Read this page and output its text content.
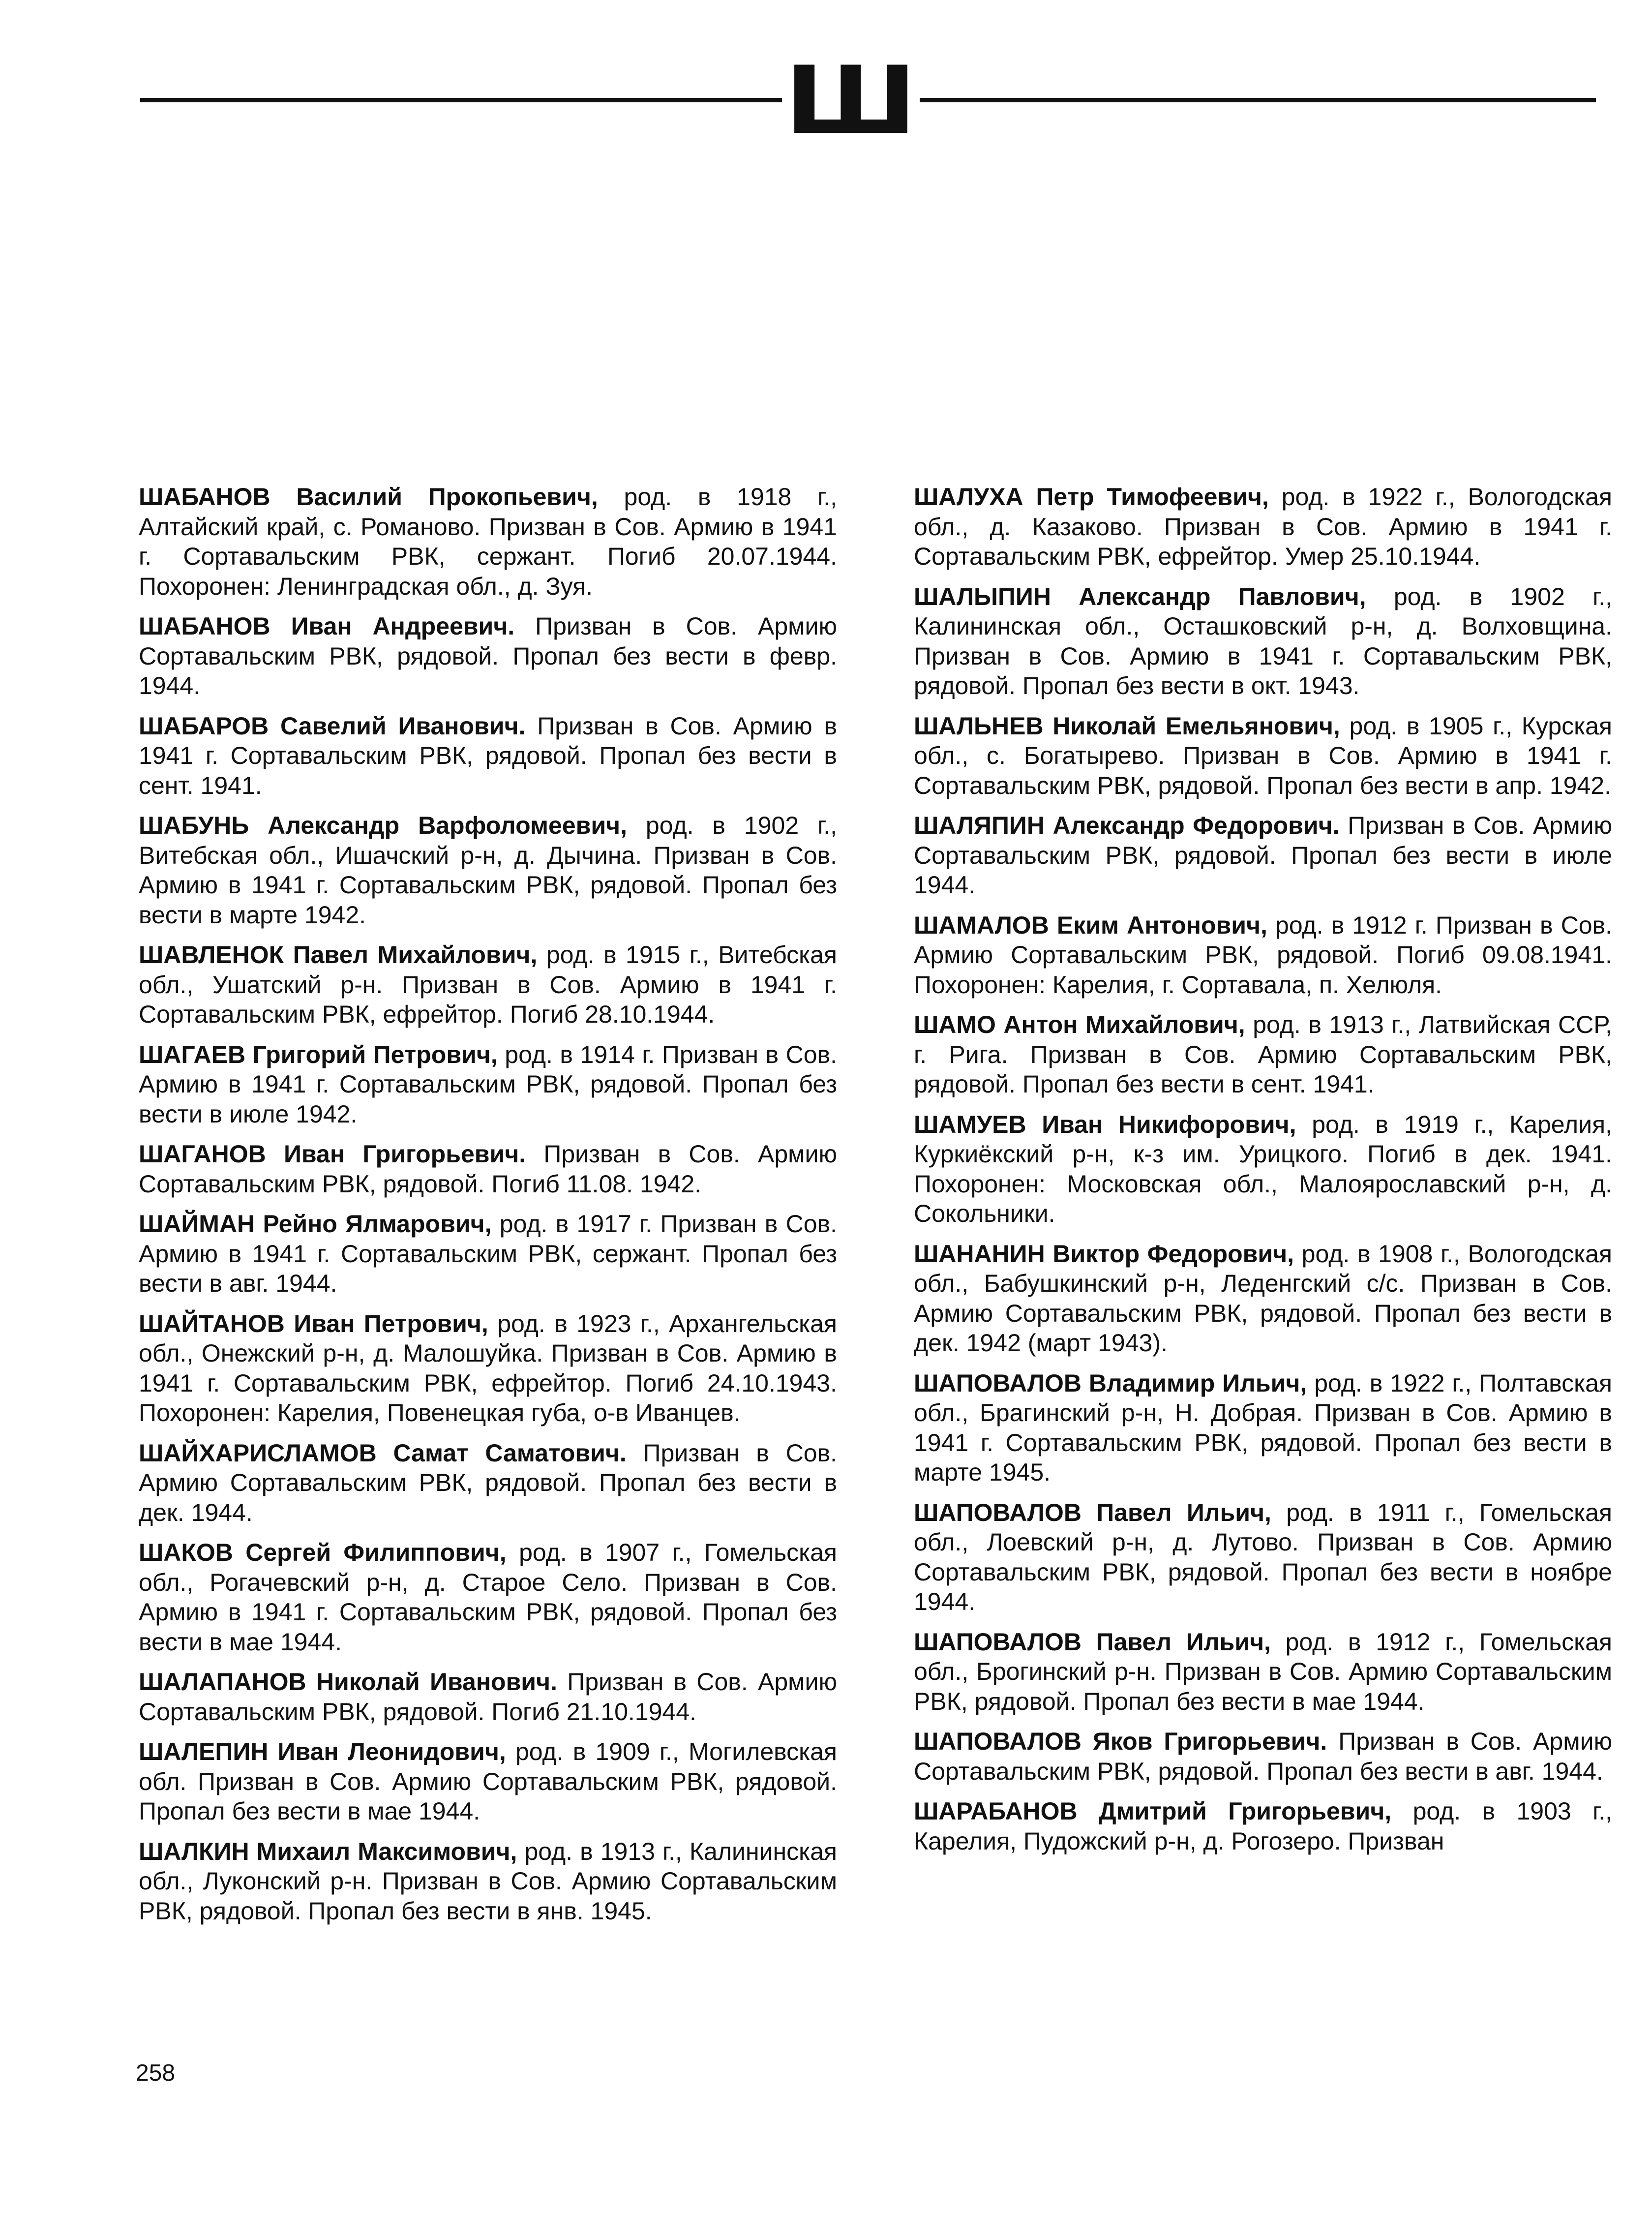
Ш

ШАБАНОВ Василий Прокопьевич, род. в 1918 г., Алтайский край, с. Романово. Призван в Сов. Армию в 1941 г. Сортавальским РВК, сержант. Погиб 20.07.1944. Похоронен: Ленинградская обл., д. Зуя.

ШАБАНОВ Иван Андреевич. Призван в Сов. Армию Сортавальским РВК, рядовой. Пропал без вести в февр. 1944.

ШАБАРОВ Савелий Иванович. Призван в Сов. Армию в 1941 г. Сортавальским РВК, рядовой. Пропал без вести в сент. 1941.

ШАБУНЬ Александр Варфоломеевич, род. в 1902 г., Витебская обл., Ишачский р-н, д. Дычина. Призван в Сов. Армию в 1941 г. Сортавальским РВК, рядовой. Пропал без вести в марте 1942.

ШАВЛЕНОК Павел Михайлович, род. в 1915 г., Витебская обл., Ушатский р-н. Призван в Сов. Армию в 1941 г. Сортавальским РВК, ефрейтор. Погиб 28.10.1944.

ШАГАЕВ Григорий Петрович, род. в 1914 г. Призван в Сов. Армию в 1941 г. Сортавальским РВК, рядовой. Пропал без вести в июле 1942.

ШАГАНОВ Иван Григорьевич. Призван в Сов. Армию Сортавальским РВК, рядовой. Погиб 11.08. 1942.

ШАЙМАН Рейно Ялмарович, род. в 1917 г. Призван в Сов. Армию в 1941 г. Сортавальским РВК, сержант. Пропал без вести в авг. 1944.

ШАЙТАНОВ Иван Петрович, род. в 1923 г., Архангельская обл., Онежский р-н, д. Малошуйка. Призван в Сов. Армию в 1941 г. Сортавальским РВК, ефрейтор. Погиб 24.10.1943. Похоронен: Карелия, Повенецкая губа, о-в Иванцев.

ШАЙХАРИСЛАМОВ Самат Саматович. Призван в Сов. Армию Сортавальским РВК, рядовой. Пропал без вести в дек. 1944.

ШАКОВ Сергей Филиппович, род. в 1907 г., Гомельская обл., Рогачевский р-н, д. Старое Село. Призван в Сов. Армию в 1941 г. Сортавальским РВК, рядовой. Пропал без вести в мае 1944.

ШАЛАПАНОВ Николай Иванович. Призван в Сов. Армию Сортавальским РВК, рядовой. Погиб 21.10.1944.

ШАЛЕПИН Иван Леонидович, род. в 1909 г., Могилевская обл. Призван в Сов. Армию Сортавальским РВК, рядовой. Пропал без вести в мае 1944.

ШАЛКИН Михаил Максимович, род. в 1913 г., Калининская обл., Луконский р-н. Призван в Сов. Армию Сортавальским РВК, рядовой. Пропал без вести в янв. 1945.

ШАЛУХА Петр Тимофеевич, род. в 1922 г., Вологодская обл., д. Казаково. Призван в Сов. Армию в 1941 г. Сортавальским РВК, ефрейтор. Умер 25.10.1944.

ШАЛЫПИН Александр Павлович, род. в 1902 г., Калининская обл., Осташковский р-н, д. Волховщина. Призван в Сов. Армию в 1941 г. Сортавальским РВК, рядовой. Пропал без вести в окт. 1943.

ШАЛЬНЕВ Николай Емельянович, род. в 1905 г., Курская обл., с. Богатырево. Призван в Сов. Армию в 1941 г. Сортавальским РВК, рядовой. Пропал без вести в апр. 1942.

ШАЛЯПИН Александр Федорович. Призван в Сов. Армию Сортавальским РВК, рядовой. Пропал без вести в июле 1944.

ШАМАЛОВ Еким Антонович, род. в 1912 г. Призван в Сов. Армию Сортавальским РВК, рядовой. Погиб 09.08.1941. Похоронен: Карелия, г. Сортавала, п. Хелюля.

ШАМО Антон Михайлович, род. в 1913 г., Латвийская ССР, г. Рига. Призван в Сов. Армию Сортавальским РВК, рядовой. Пропал без вести в сент. 1941.

ШАМУЕВ Иван Никифорович, род. в 1919 г., Карелия, Куркиёкский р-н, к-з им. Урицкого. Погиб в дек. 1941. Похоронен: Московская обл., Малоярославский р-н, д. Сокольники.

ШАНАНИН Виктор Федорович, род. в 1908 г., Вологодская обл., Бабушкинский р-н, Леденгский с/с. Призван в Сов. Армию Сортавальским РВК, рядовой. Пропал без вести в дек. 1942 (март 1943).

ШАПОВАЛОВ Владимир Ильич, род. в 1922 г., Полтавская обл., Брагинский р-н, Н. Добрая. Призван в Сов. Армию в 1941 г. Сортавальским РВК, рядовой. Пропал без вести в марте 1945.

ШАПОВАЛОВ Павел Ильич, род. в 1911 г., Гомельская обл., Лоевский р-н, д. Лутово. Призван в Сов. Армию Сортавальским РВК, рядовой. Пропал без вести в ноябре 1944.

ШАПОВАЛОВ Павел Ильич, род. в 1912 г., Гомельская обл., Брогинский р-н. Призван в Сов. Армию Сортавальским РВК, рядовой. Пропал без вести в мае 1944.

ШАПОВАЛОВ Яков Григорьевич. Призван в Сов. Армию Сортавальским РВК, рядовой. Пропал без вести в авг. 1944.

ШАРАБАНОВ Дмитрий Григорьевич, род. в 1903 г., Карелия, Пудожский р-н, д. Рогозеро. Призван

258
